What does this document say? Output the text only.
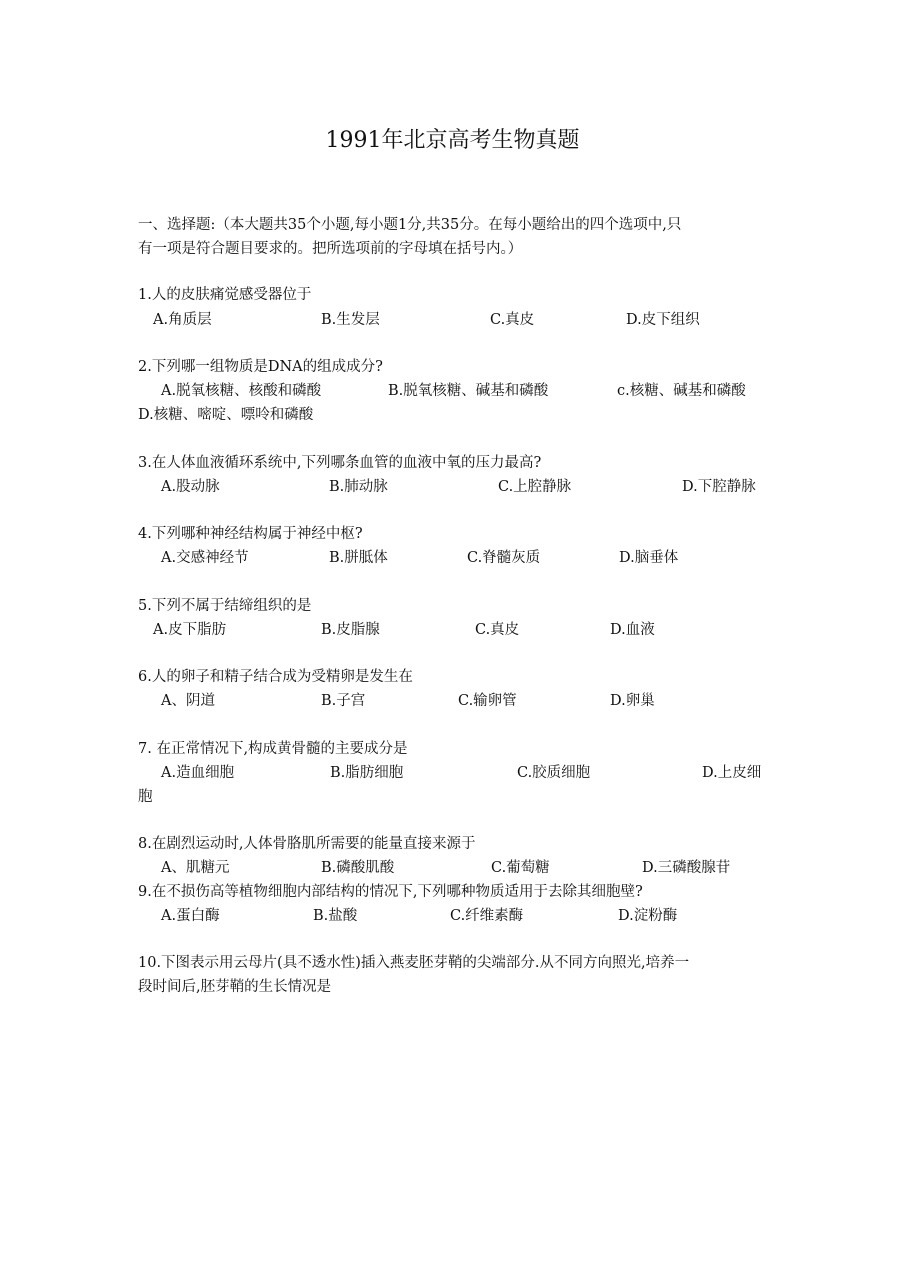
1991年北京高考生物真题
一、选择题:（本大题共35个小题,每小题1分,共35分。在每小题给出的四个选项中,只
有一项是符合题目要求的。把所选项前的字母填在括号内。）
1.人的皮肤痛觉感受器位于
A.角质层	B.生发层	C.真皮	D.皮下组织
2.下列哪一组物质是DNA的组成成分?
A.脱氧核糖、核酸和磷酸	B.脱氧核糖、碱基和磷酸	c.核糖、碱基和磷酸
D.核糖、嘧啶、嘌呤和磷酸
3.在人体血液循环系统中,下列哪条血管的血液中氧的压力最高?
A.股动脉	B.肺动脉	C.上腔静脉	D.下腔静脉
4.下列哪种神经结构属于神经中枢?
A.交感神经节	B.胼胝体	C.脊髓灰质	D.脑垂体
5.下列不属于结缔组织的是
A.皮下脂肪	B.皮脂腺	C.真皮	D.血液
6.人的卵子和精子结合成为受精卵是发生在
A、阴道	B.子宫	C.输卵管	D.卵巢
7. 在正常情况下,构成黄骨髓的主要成分是
A.造血细胞	B.脂肪细胞	C.胶质细胞	D.上皮细
胞
8.在剧烈运动时,人体骨胳肌所需要的能量直接来源于
A、肌糖元	B.磷酸肌酸	C.葡萄糖	D.三磷酸腺苷
9.在不损伤高等植物细胞内部结构的情况下,下列哪种物质适用于去除其细胞壁?
A.蛋白酶	B.盐酸	C.纤维素酶	D.淀粉酶
10.下图表示用云母片(具不透水性)插入燕麦胚芽鞘的尖端部分.从不同方向照光,培养一
段时间后,胚芽鞘的生长情况是
